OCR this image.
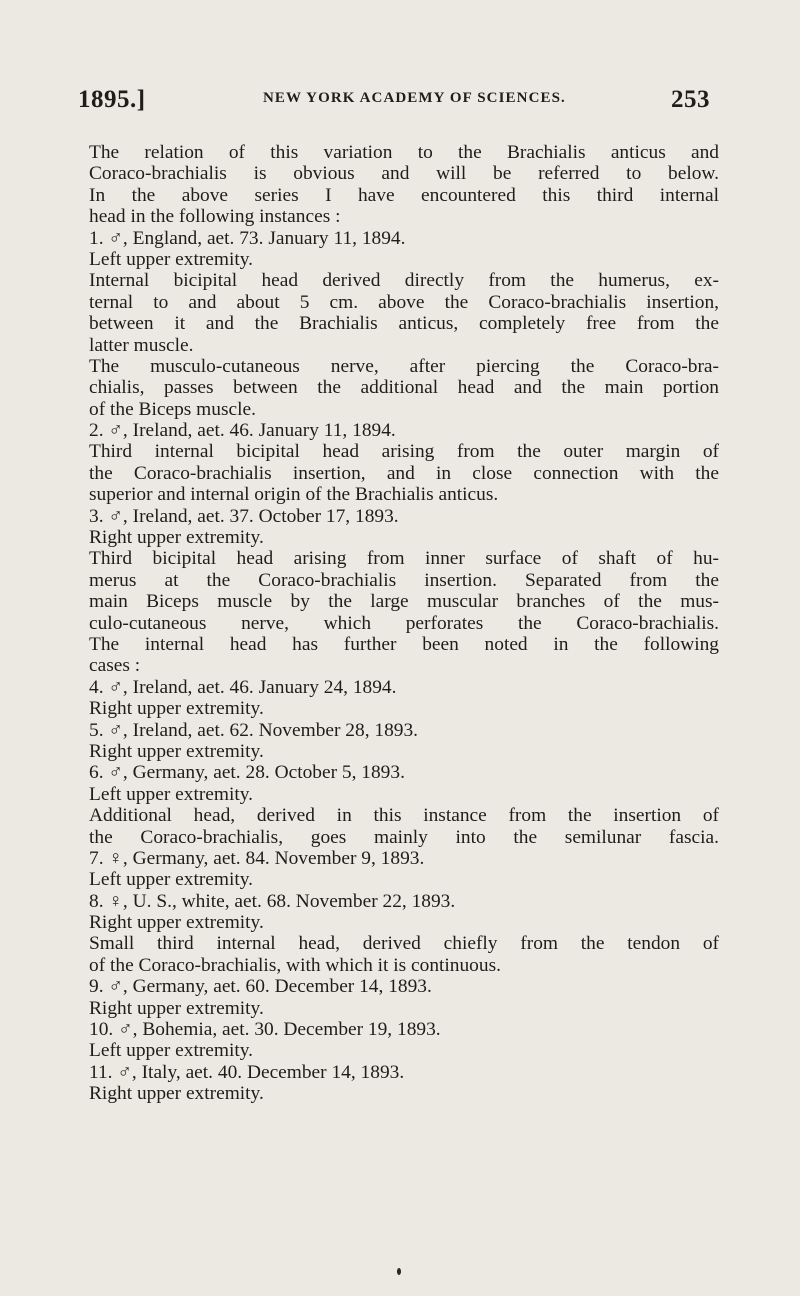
1895.]	NEW YORK ACADEMY OF SCIENCES.	253
The relation of this variation to the Brachialis anticus and
Coraco-brachialis is obvious and will be referred to below.
In the above series I have encountered this third internal
head in the following instances :
1. ♂, England, aet. 73. January 11, 1894.
Left upper extremity.
Internal bicipital head derived directly from the humerus, ex-
ternal to and about 5 cm. above the Coraco-brachialis insertion,
between it and the Brachialis anticus, completely free from the
latter muscle.
The musculo-cutaneous nerve, after piercing the Coraco-bra-
chialis, passes between the additional head and the main portion
of the Biceps muscle.
2. ♂, Ireland, aet. 46. January 11, 1894.
Third internal bicipital head arising from the outer margin of
the Coraco-brachialis insertion, and in close connection with the
superior and internal origin of the Brachialis anticus.
3. ♂, Ireland, aet. 37. October 17, 1893.
Right upper extremity.
Third bicipital head arising from inner surface of shaft of hu-
merus at the Coraco-brachialis insertion. Separated from the
main Biceps muscle by the large muscular branches of the mus-
culo-cutaneous nerve, which perforates the Coraco-brachialis.
The internal head has further been noted in the following
cases :
4. ♂, Ireland, aet. 46. January 24, 1894.
Right upper extremity.
5. ♂, Ireland, aet. 62. November 28, 1893.
Right upper extremity.
6. ♂, Germany, aet. 28. October 5, 1893.
Left upper extremity.
Additional head, derived in this instance from the insertion of
the Coraco-brachialis, goes mainly into the semilunar fascia.
7. ♀, Germany, aet. 84. November 9, 1893.
Left upper extremity.
8. ♀, U. S., white, aet. 68. November 22, 1893.
Right upper extremity.
Small third internal head, derived chiefly from the tendon of
of the Coraco-brachialis, with which it is continuous.
9. ♂, Germany, aet. 60. December 14, 1893.
Right upper extremity.
10. ♂, Bohemia, aet. 30. December 19, 1893.
Left upper extremity.
11. ♂, Italy, aet. 40. December 14, 1893.
Right upper extremity.
